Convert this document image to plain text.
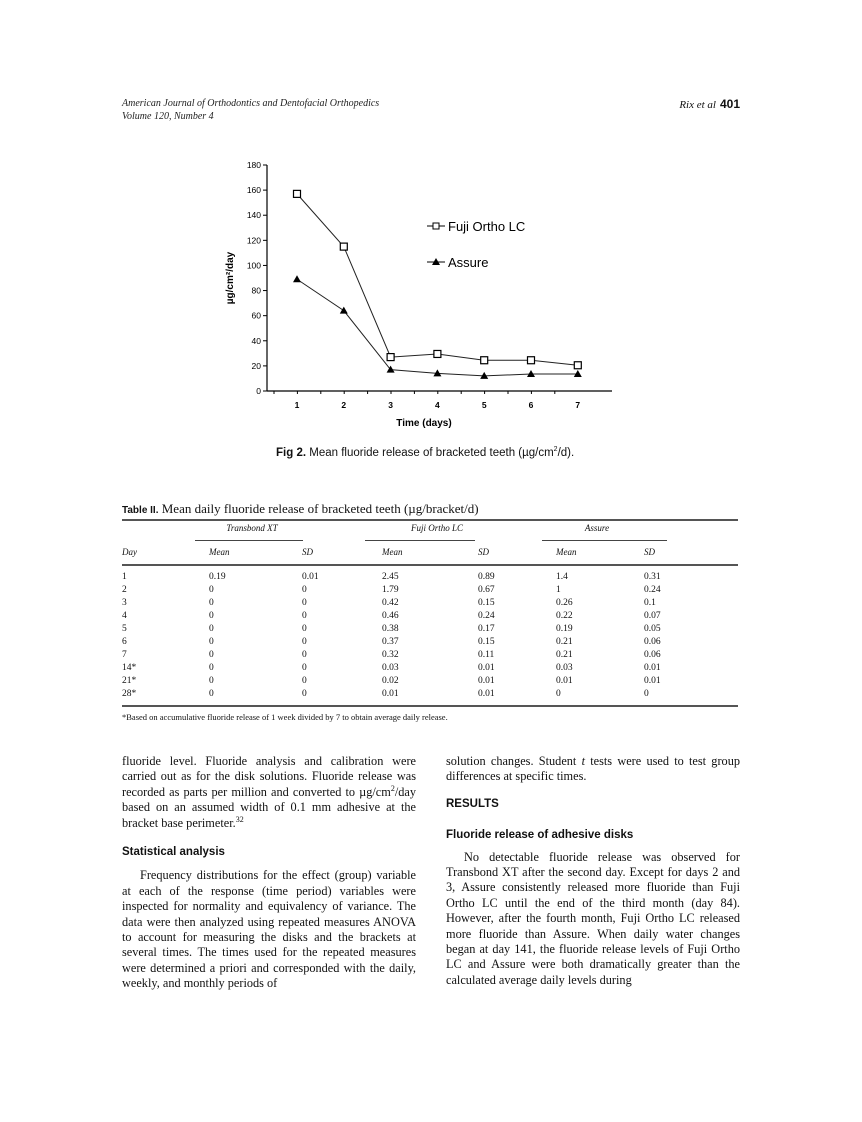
American Journal of Orthodontics and Dentofacial Orthopedics
Volume 120, Number 4
Rix et al 401
0
20
40
60
80
100
120
140
160
180
1	2	3	4	5	6	7
Time (days)
µg/cm²/day
Fuji Ortho LC
Assure
Fig 2. Mean fluoride release of bracketed teeth $(\mu g/cm^2/d)$.
Table II. Mean daily fluoride release of bracketed teeth (µg/bracket/d)
Transbond XT	Fuji Ortho LC	Assure
Day	Mean	SD	Mean	SD	Mean	SD
1	0.19	0.01	2.45	0.89	1.4	0.31
2	0	0	1.79	0.67	1	0.24
3	0	0	0.42	0.15	0.26	0.1
4	0	0	0.46	0.24	0.22	0.07
5	0	0	0.38	0.17	0.19	0.05
6	0	0	0.37	0.15	0.21	0.06
7	0	0	0.32	0.11	0.21	0.06
14*	0	0	0.03	0.01	0.03	0.01
21*	0	0	0.02	0.01	0.01	0.01
28*	0	0	0.01	0.01	0	0
*Based on accumulative fluoride release of 1 week divided by 7 to obtain average daily release.

fluoride level. Fluoride analysis and calibration were carried out as for the disk solutions. Fluoride release was recorded as parts per million and converted to $\mu g/cm^2$/day based on an assumed width of 0.1 mm adhesive at the bracket base perimeter.$^{32}$

Statistical analysis

Frequency distributions for the effect (group) variable at each of the response (time period) variables were inspected for normality and equivalency of variance. The data were then analyzed using repeated measures ANOVA to account for measuring the disks and the brackets at several times. The times used for the repeated measures were determined a priori and corresponded with the daily, weekly, and monthly periods of

solution changes. Student t tests were used to test group differences at specific times.

RESULTS
Fluoride release of adhesive disks

No detectable fluoride release was observed for Transbond XT after the second day. Except for days 2 and 3, Assure consistently released more fluoride than Fuji Ortho LC until the end of the third month (day 84). However, after the fourth month, Fuji Ortho LC released more fluoride than Assure. When daily water changes began at day 141, the fluoride release levels of Fuji Ortho LC and Assure were both dramatically greater than the calculated average daily levels during
